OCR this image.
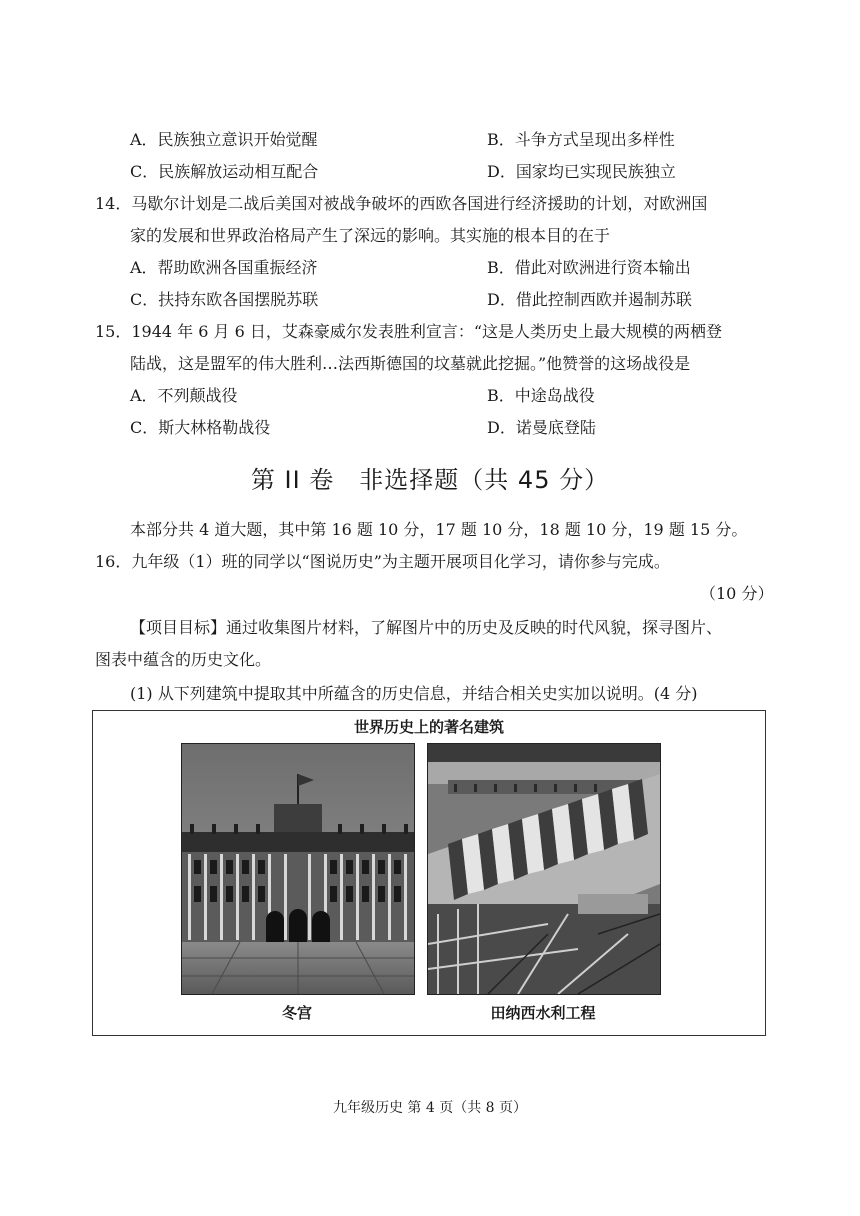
A．民族独立意识开始觉醒	B．斗争方式呈现出多样性
C．民族解放运动相互配合	D．国家均已实现民族独立
14．马歇尔计划是二战后美国对被战争破坏的西欧各国进行经济援助的计划，对欧洲国
家的发展和世界政治格局产生了深远的影响。其实施的根本目的在于
A．帮助欧洲各国重振经济	B．借此对欧洲进行资本输出
C．扶持东欧各国摆脱苏联	D．借此控制西欧并遏制苏联
15．1944 年 6 月 6 日，艾森豪威尔发表胜利宣言：“这是人类历史上最大规模的两栖登
陆战，这是盟军的伟大胜利…法西斯德国的坟墓就此挖掘。”他赞誉的这场战役是
A．不列颠战役	B．中途岛战役
C．斯大林格勒战役	D．诺曼底登陆
第 II 卷　非选择题（共 45 分）
本部分共 4 道大题，其中第 16 题 10 分，17 题 10 分，18 题 10 分，19 题 15 分。
16．九年级（1）班的同学以“图说历史”为主题开展项目化学习，请你参与完成。
（10 分）
【项目目标】通过收集图片材料，了解图片中的历史及反映的时代风貌，探寻图片、
图表中蕴含的历史文化。
(1) 从下列建筑中提取其中所蕴含的历史信息，并结合相关史实加以说明。(4 分)
世界历史上的著名建筑
冬宫	田纳西水利工程
九年级历史 第 4 页（共 8 页）
